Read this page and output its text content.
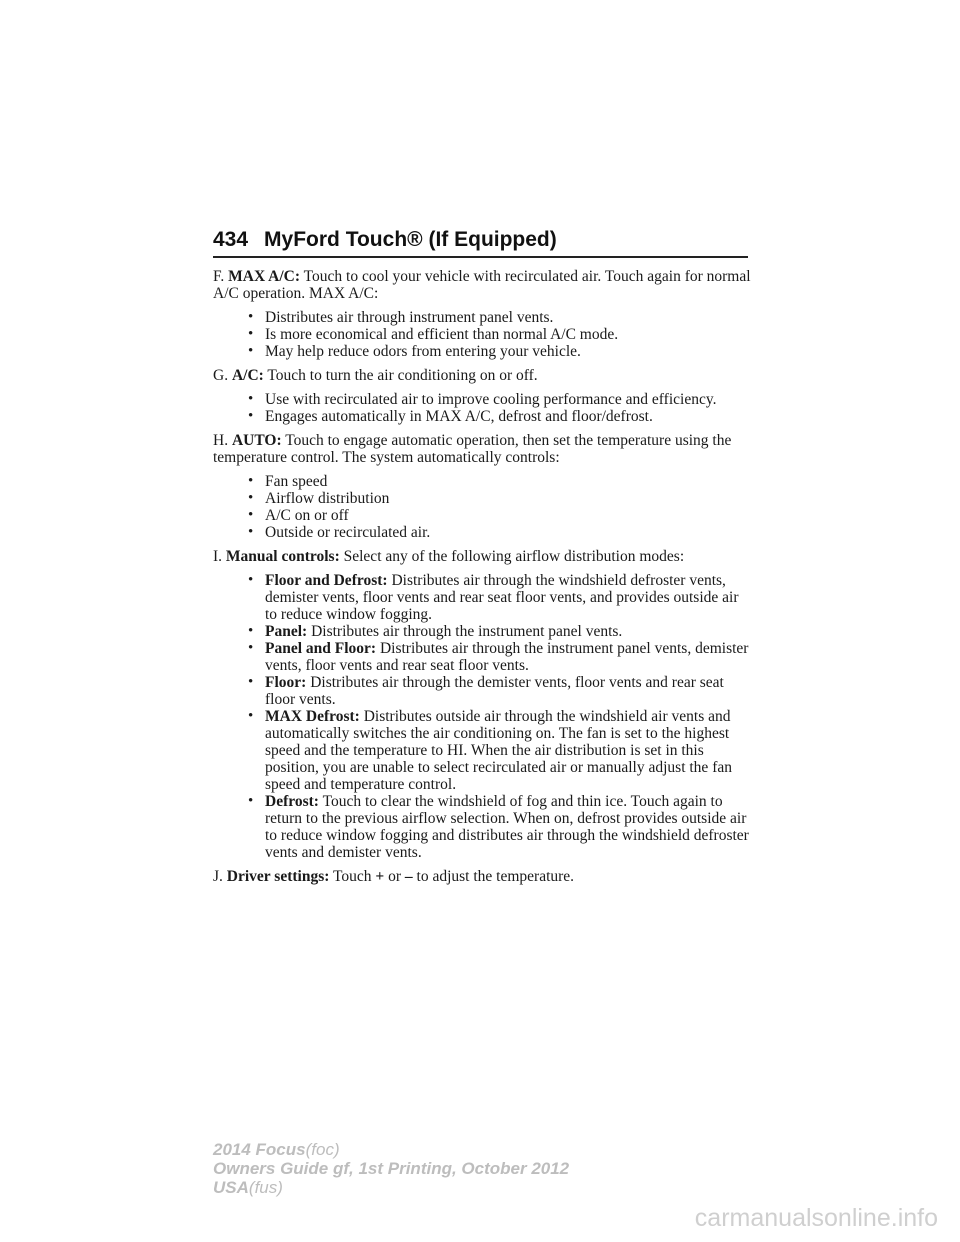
434 MyFord Touch® (If Equipped)

F. MAX A/C: Touch to cool your vehicle with recirculated air. Touch again for normal A/C operation. MAX A/C:

• Distributes air through instrument panel vents.

• Is more economical and efficient than normal A/C mode.

• May help reduce odors from entering your vehicle.

G. A/C: Touch to turn the air conditioning on or off.

• Use with recirculated air to improve cooling performance and efficiency.

• Engages automatically in MAX A/C, defrost and floor/defrost.

H. AUTO: Touch to engage automatic operation, then set the temperature using the temperature control. The system automatically controls:

• Fan speed

• Airflow distribution

• A/C on or off

• Outside or recirculated air.

I. Manual controls: Select any of the following airflow distribution modes:

• Floor and Defrost: Distributes air through the windshield defroster vents, demister vents, floor vents and rear seat floor vents, and provides outside air to reduce window fogging.

• Panel: Distributes air through the instrument panel vents.

• Panel and Floor: Distributes air through the instrument panel vents, demister vents, floor vents and rear seat floor vents.

• Floor: Distributes air through the demister vents, floor vents and rear seat floor vents.

• MAX Defrost: Distributes outside air through the windshield air vents and automatically switches the air conditioning on. The fan is set to the highest speed and the temperature to HI. When the air distribution is set in this position, you are unable to select recirculated air or manually adjust the fan speed and temperature control.

• Defrost: Touch to clear the windshield of fog and thin ice. Touch again to return to the previous airflow selection. When on, defrost provides outside air to reduce window fogging and distributes air through the windshield defroster vents and demister vents.

J. Driver settings: Touch + or – to adjust the temperature.

2014 Focus(foc)
Owners Guide gf, 1st Printing, October 2012
USA(fus)
carmanualsonline.info
